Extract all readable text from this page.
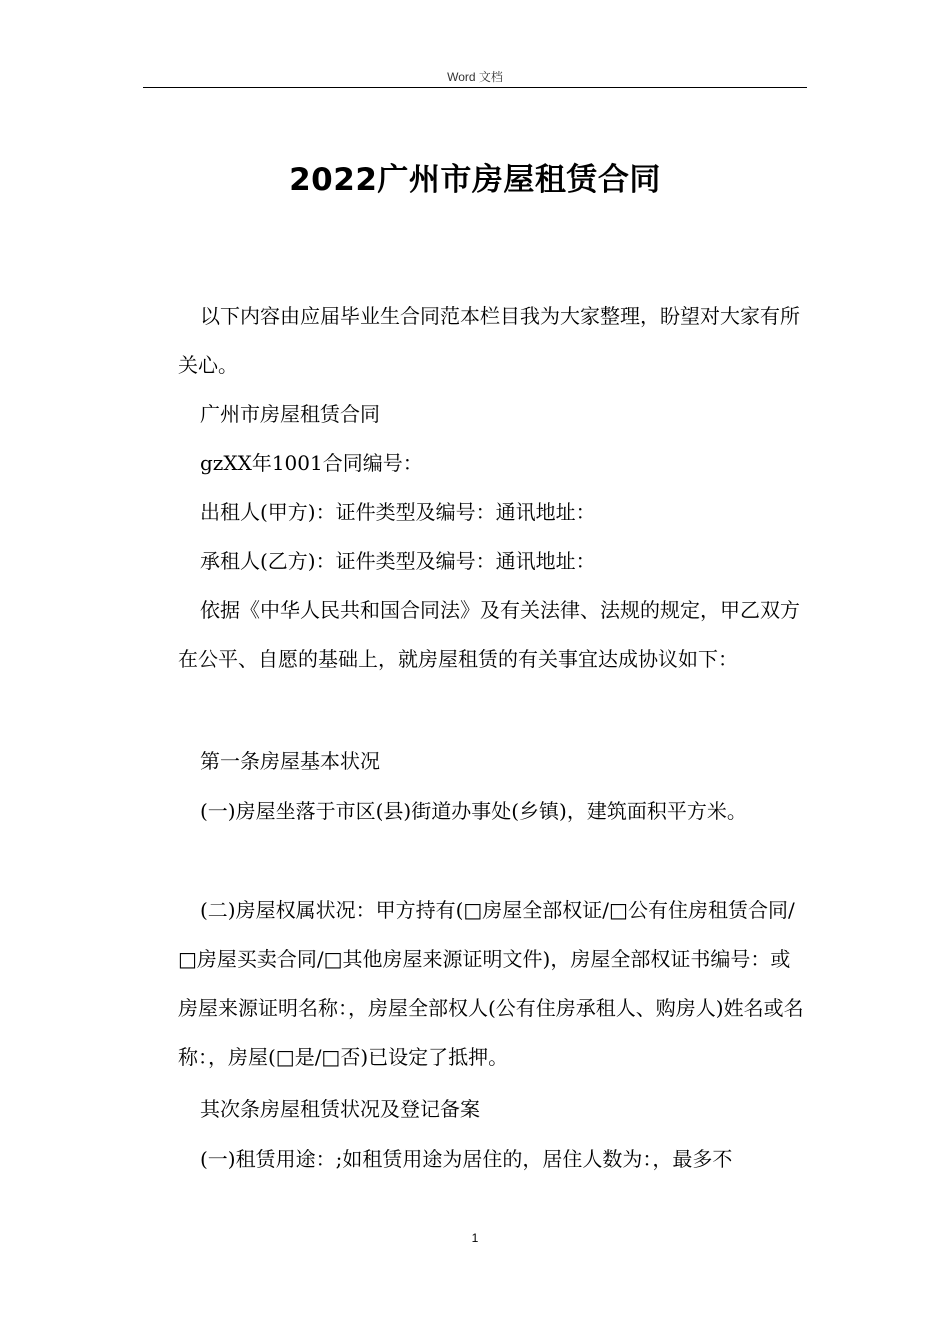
Word 文档
2022广州市房屋租赁合同

以下内容由应届毕业生合同范本栏目我为大家整理，盼望对大家有所关心。

广州市房屋租赁合同

gzXX年1001合同编号：

出租人(甲方)：证件类型及编号：通讯地址：

承租人(乙方)：证件类型及编号：通讯地址：

依据《中华人民共和国合同法》及有关法律、法规的规定，甲乙双方在公平、自愿的基础上，就房屋租赁的有关事宜达成协议如下：

第一条房屋基本状况

(一)房屋坐落于市区(县)街道办事处(乡镇)，建筑面积平方米。

(二)房屋权属状况：甲方持有(□房屋全部权证/□公有住房租赁合同/□房屋买卖合同/□其他房屋来源证明文件)，房屋全部权证书编号：或房屋来源证明名称：，房屋全部权人(公有住房承租人、购房人)姓名或名称：，房屋(□是/□否)已设定了抵押。

其次条房屋租赁状况及登记备案

(一)租赁用途：;如租赁用途为居住的，居住人数为：，最多不

1
